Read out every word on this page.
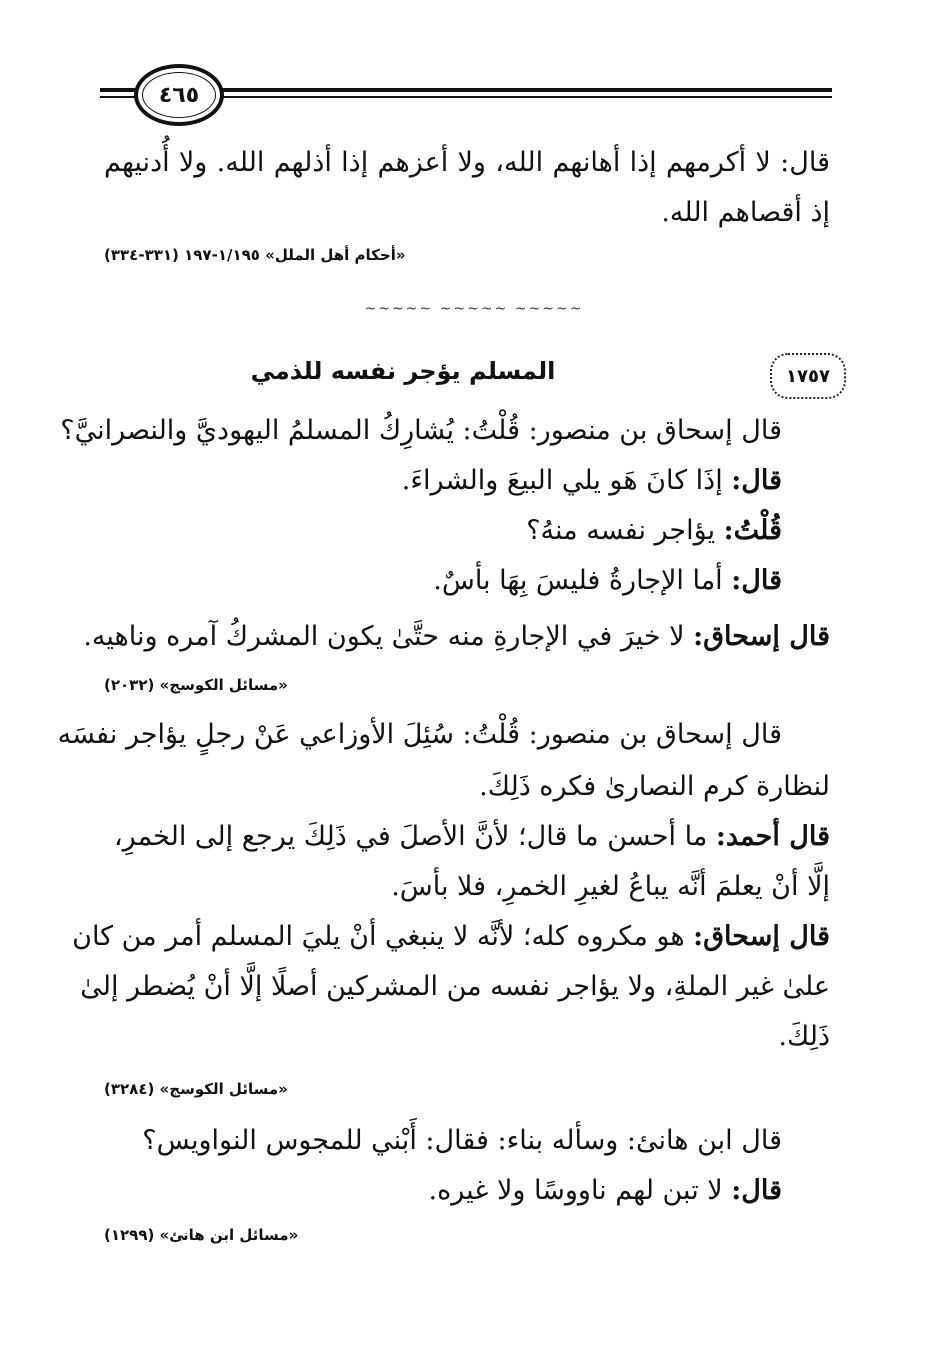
٤٦٥

قال: لا أكرمهم إذا أهانهم الله، ولا أعزهم إذا أذلهم الله. ولا أُدنيهم إذ أقصاهم الله.

«أحكام أهل الملل» ١/١٩٥-١٩٧ (٣٣١-٣٣٤)

~~~~~ ~~~~~ ~~~~~
المسلم يؤجر نفسه للذمي	١٧٥٧

قال إسحاق بن منصور: قُلْتُ: يُشارِكُ المسلمُ اليهوديَّ والنصرانيَّ؟

قال: إذَا كانَ هَو يلي البيعَ والشراءَ.

قُلْتُ: يؤاجر نفسه منهُ؟

قال: أما الإجارةُ فليسَ بِهَا بأسٌ.

قال إسحاق: لا خيرَ في الإجارةِ منه حتَّىٰ يكون المشركُ آمره وناهيه.

«مسائل الكوسج» (٢٠٣٢)

قال إسحاق بن منصور: قُلْتُ: سُئِلَ الأوزاعي عَنْ رجلٍ يؤاجر نفسَه

لنظارة كرم النصارىٰ فكره ذَلِكَ.

قال أحمد: ما أحسن ما قال؛ لأنَّ الأصلَ في ذَلِكَ يرجع إلى الخمرِ،

إلَّا أنْ يعلمَ أنَّه يباعُ لغيرِ الخمرِ، فلا بأسَ.

قال إسحاق: هو مكروه كله؛ لأنَّه لا ينبغي أنْ يليَ المسلم أمر من كان

علىٰ غير الملةِ، ولا يؤاجر نفسه من المشركين أصلًا إلَّا أنْ يُضطر إلىٰ

ذَلِكَ.

«مسائل الكوسج» (٣٢٨٤)

قال ابن هانئ: وسأله بناء: فقال: أَبْني للمجوس النواويس؟

قال: لا تبن لهم ناووسًا ولا غيره.

«مسائل ابن هانئ» (١٢٩٩)
